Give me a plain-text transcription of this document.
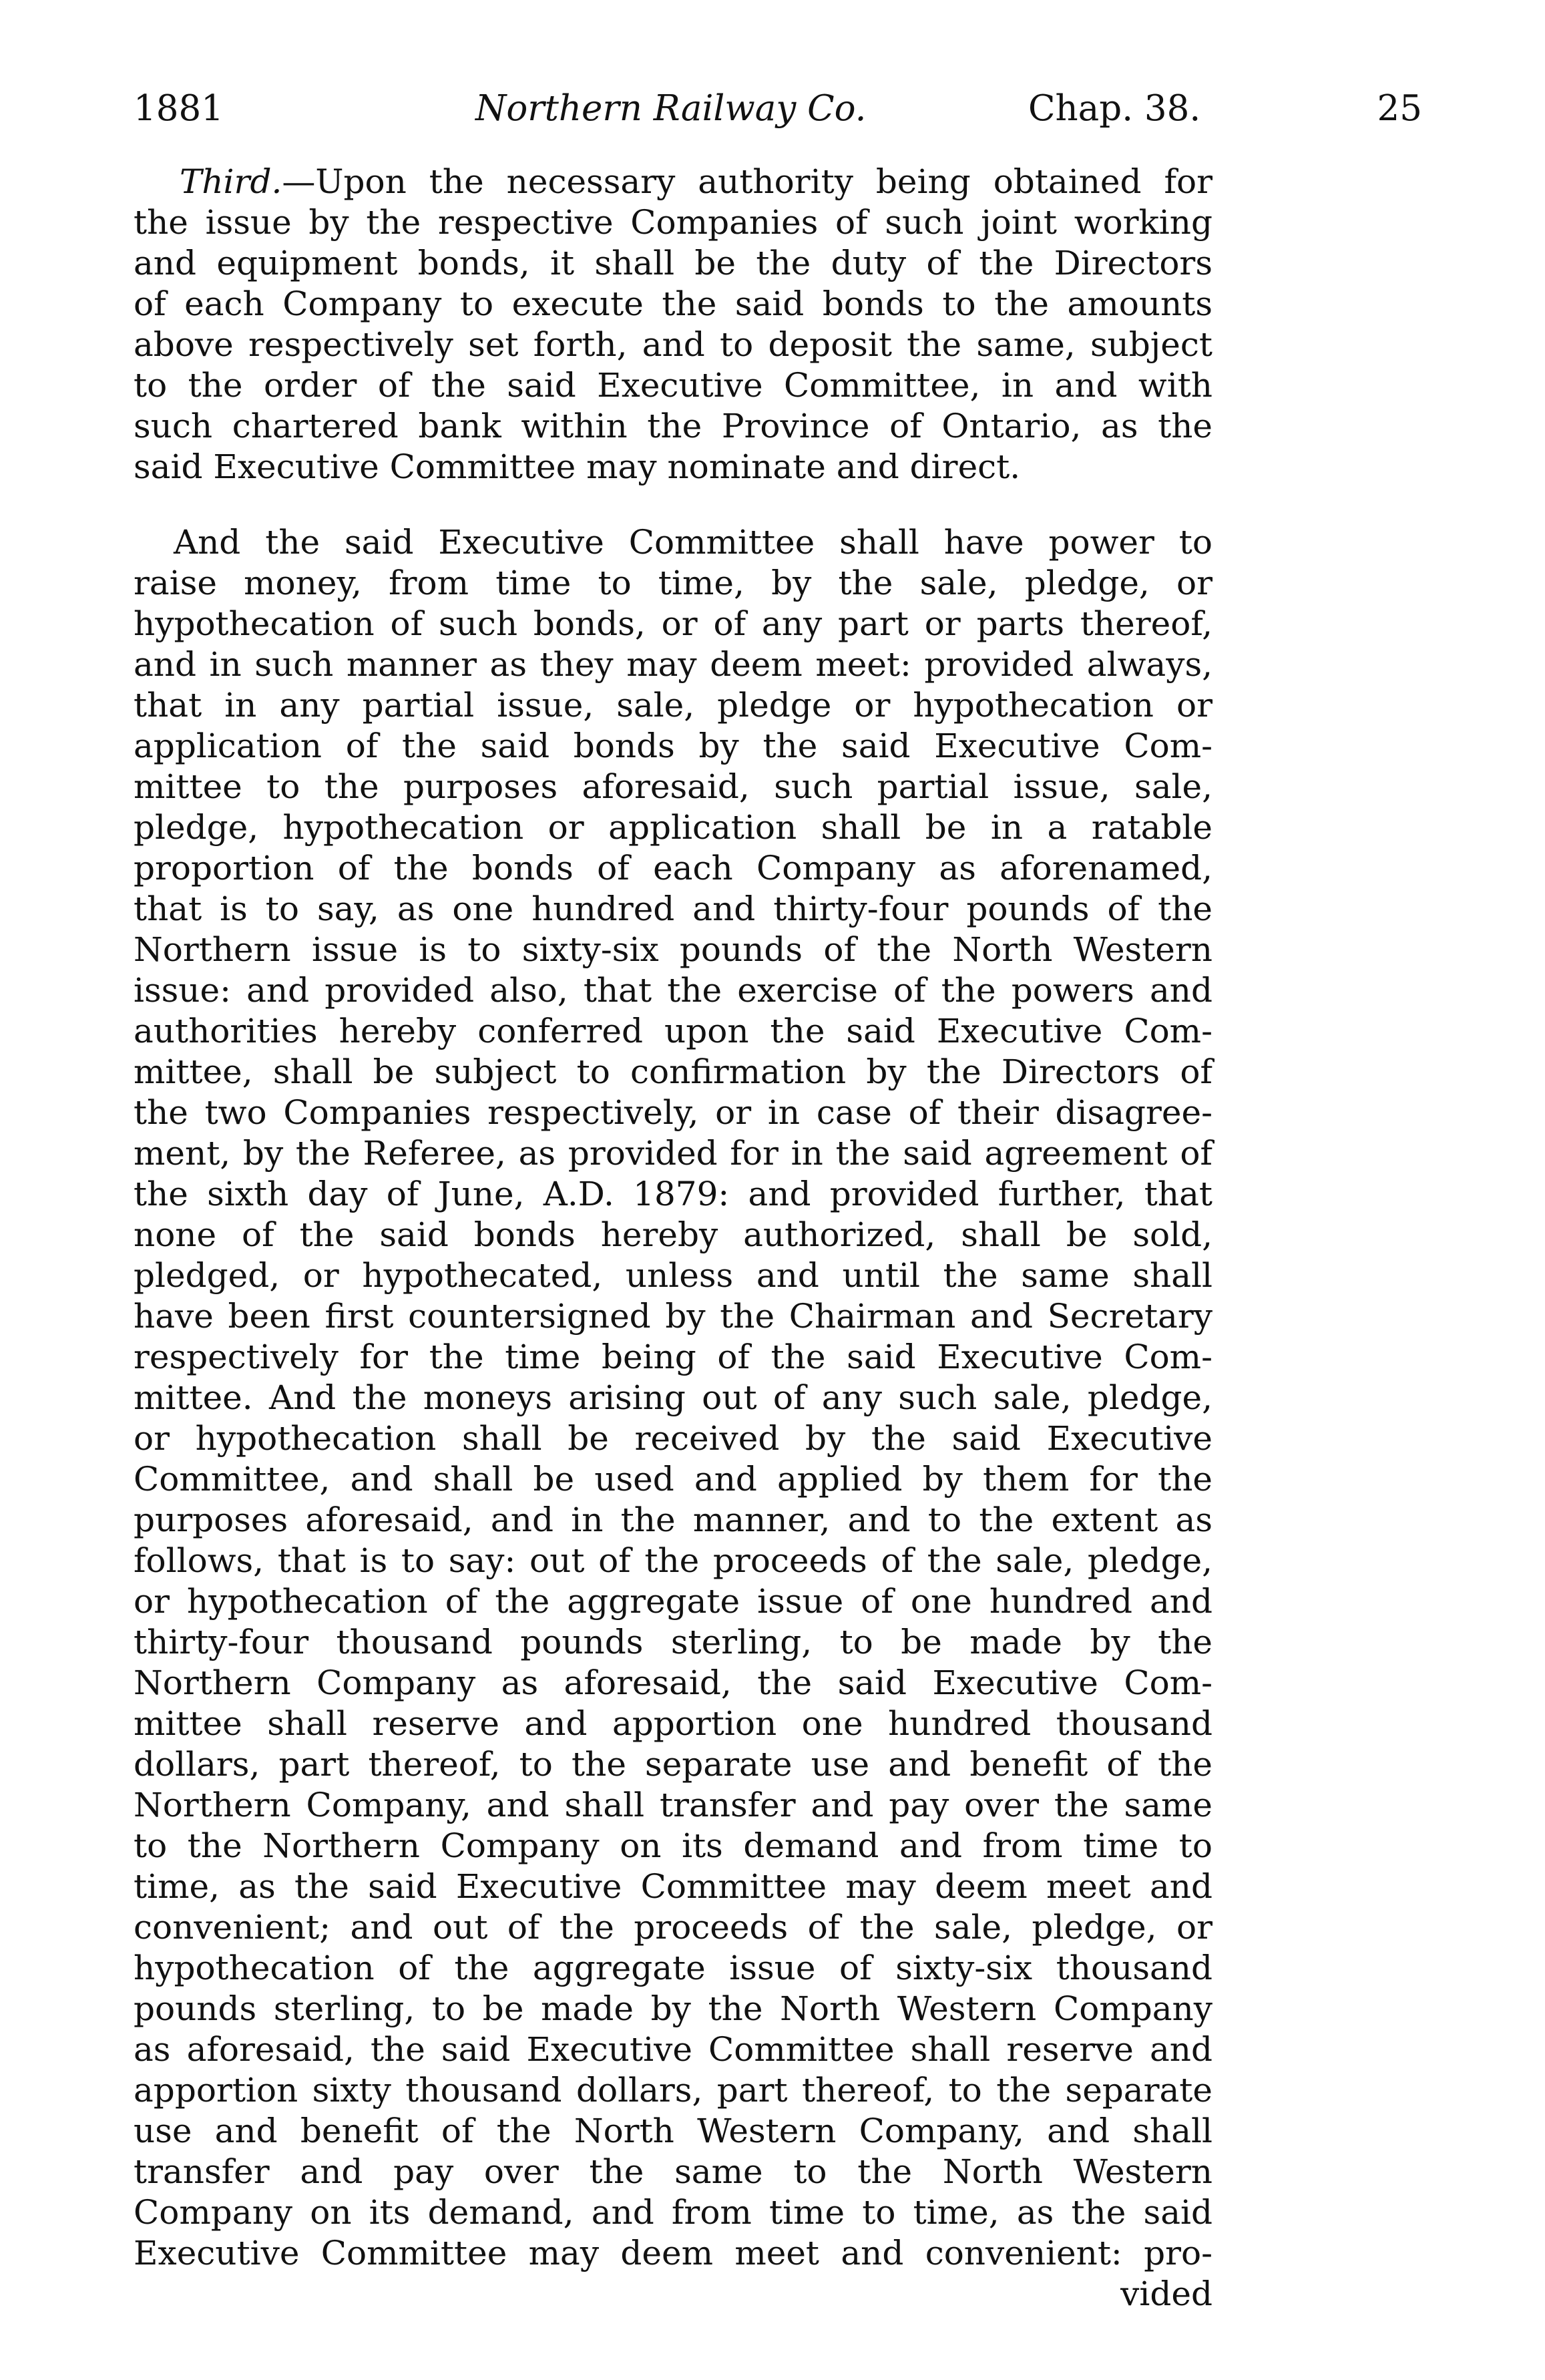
1881	Northern Railway Co.	Chap. 38.	25
Third.—Upon the necessary authority being obtained for
the issue by the respective Companies of such joint working
and equipment bonds, it shall be the duty of the Directors
of each Company to execute the said bonds to the amounts
above respectively set forth, and to deposit the same, subject
to the order of the said Executive Committee, in and with
such chartered bank within the Province of Ontario, as the
said Executive Committee may nominate and direct.
And the said Executive Committee shall have power to
raise money, from time to time, by the sale, pledge, or
hypothecation of such bonds, or of any part or parts thereof,
and in such manner as they may deem meet: provided always,
that in any partial issue, sale, pledge or hypothecation or
application of the said bonds by the said Executive Com-
mittee to the purposes aforesaid, such partial issue, sale,
pledge, hypothecation or application shall be in a ratable
proportion of the bonds of each Company as aforenamed,
that is to say, as one hundred and thirty-four pounds of the
Northern issue is to sixty-six pounds of the North Western
issue: and provided also, that the exercise of the powers and
authorities hereby conferred upon the said Executive Com-
mittee, shall be subject to confirmation by the Directors of
the two Companies respectively, or in case of their disagree-
ment, by the Referee, as provided for in the said agreement of
the sixth day of June, A.D. 1879: and provided further, that
none of the said bonds hereby authorized, shall be sold,
pledged, or hypothecated, unless and until the same shall
have been first countersigned by the Chairman and Secretary
respectively for the time being of the said Executive Com-
mittee. And the moneys arising out of any such sale, pledge,
or hypothecation shall be received by the said Executive
Committee, and shall be used and applied by them for the
purposes aforesaid, and in the manner, and to the extent as
follows, that is to say: out of the proceeds of the sale, pledge,
or hypothecation of the aggregate issue of one hundred and
thirty-four thousand pounds sterling, to be made by the
Northern Company as aforesaid, the said Executive Com-
mittee shall reserve and apportion one hundred thousand
dollars, part thereof, to the separate use and benefit of the
Northern Company, and shall transfer and pay over the same
to the Northern Company on its demand and from time to
time, as the said Executive Committee may deem meet and
convenient; and out of the proceeds of the sale, pledge, or
hypothecation of the aggregate issue of sixty-six thousand
pounds sterling, to be made by the North Western Company
as aforesaid, the said Executive Committee shall reserve and
apportion sixty thousand dollars, part thereof, to the separate
use and benefit of the North Western Company, and shall
transfer and pay over the same to the North Western
Company on its demand, and from time to time, as the said
Executive Committee may deem meet and convenient: pro-
vided
